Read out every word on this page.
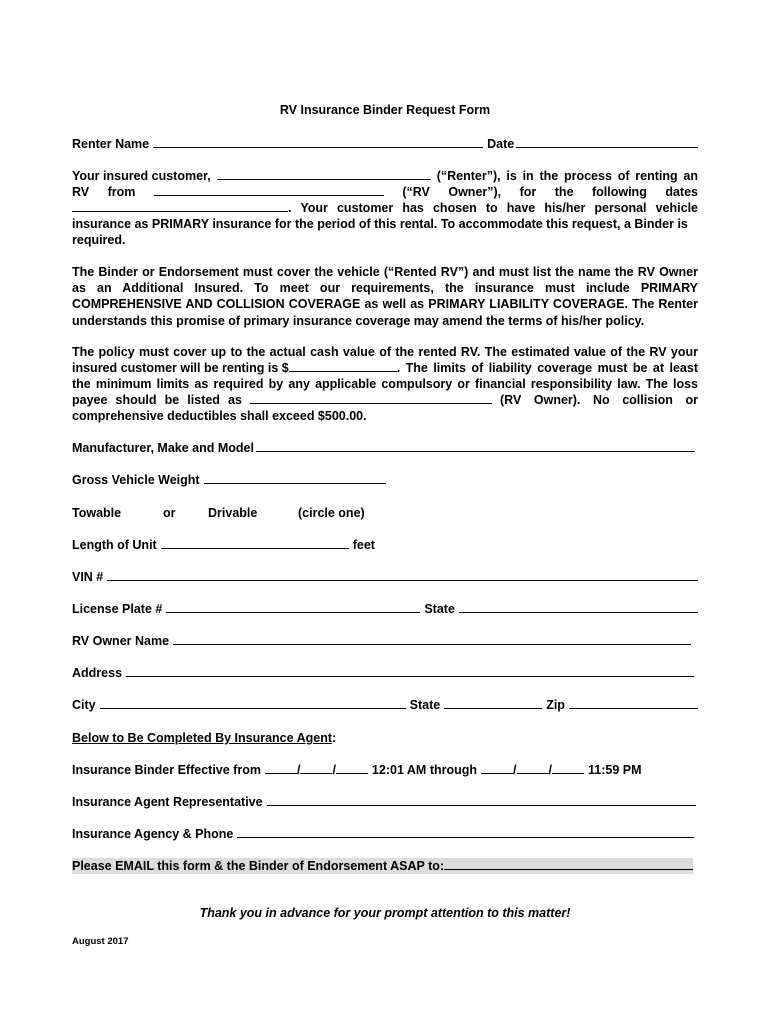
RV Insurance Binder Request Form
Renter Name	Date
Your insured customer,	(“Renter”), is in the process of renting an
RV from	(“RV Owner”), for the following dates
. Your customer has chosen to have his/her personal vehicle
insurance as PRIMARY insurance for the period of this rental. To accommodate this request, a Binder is
required.
The Binder or Endorsement must cover the vehicle (“Rented RV”) and must list the name the RV Owner as an Additional Insured. To meet our requirements, the insurance must include PRIMARY COMPREHENSIVE AND COLLISION COVERAGE as well as PRIMARY LIABILITY COVERAGE. The Renter understands this promise of primary insurance coverage may amend the terms of his/her policy.
The policy must cover up to the actual cash value of the rented RV. The estimated value of the RV your
insured customer will be renting is $	. The limits of liability coverage must be at least
the minimum limits as required by any applicable compulsory or financial responsibility law. The loss
payee should be listed as	(RV Owner). No collision or
comprehensive deductibles shall exceed $500.00.
Manufacturer, Make and Model
Gross Vehicle Weight
Towable	or	Drivable	(circle one)
Length of Unit	feet
VIN #
License Plate #	State
RV Owner Name
Address
City	State	Zip
Below to Be Completed By Insurance Agent:
Insurance Binder Effective from	/	/	12:01 AM through	/	/	11:59 PM
Insurance Agent Representative
Insurance Agency & Phone
Please EMAIL this form & the Binder of Endorsement ASAP to:
Thank you in advance for your prompt attention to this matter!
August 2017
